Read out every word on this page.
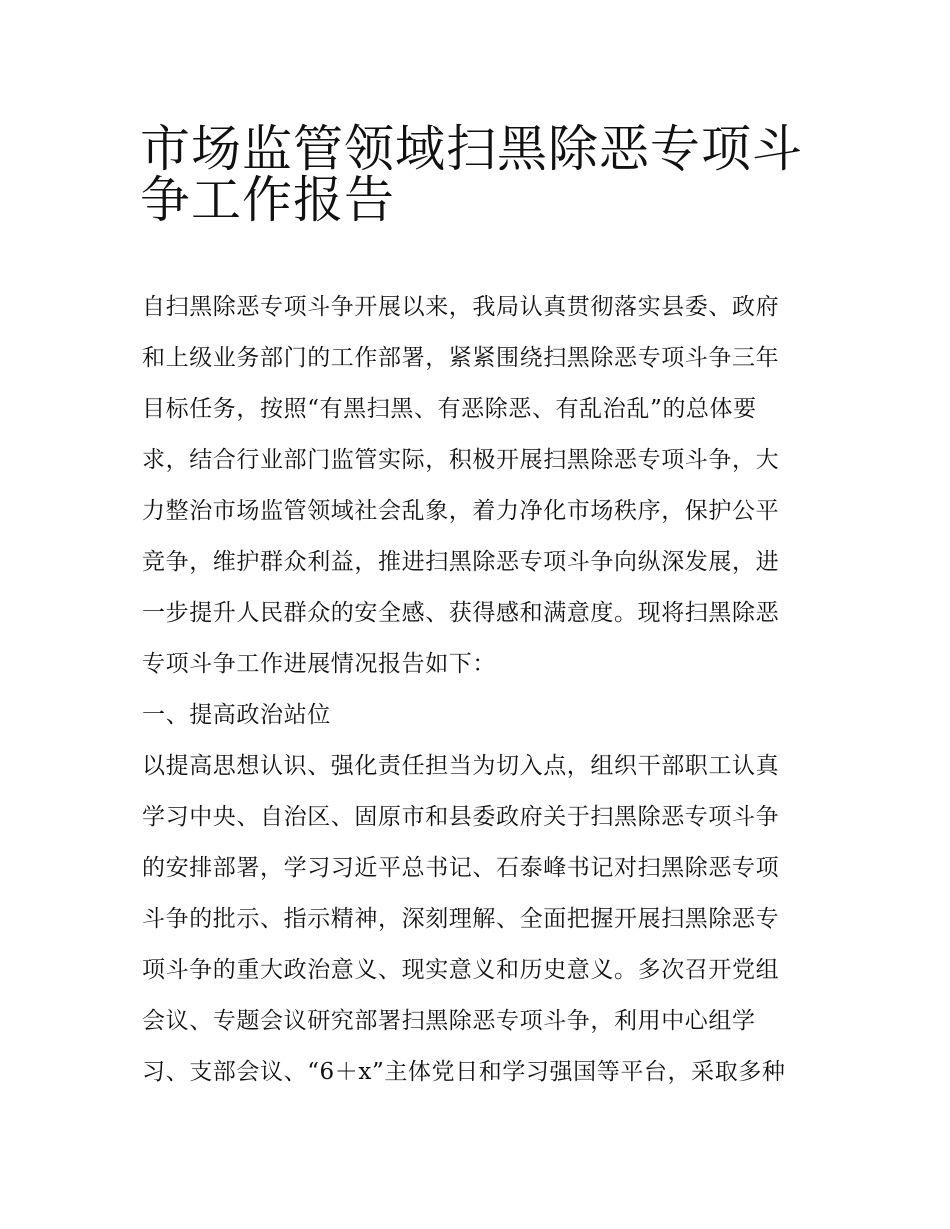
市场监管领域扫黑除恶专项斗
争工作报告
自扫黑除恶专项斗争开展以来，我局认真贯彻落实县委、政府
和上级业务部门的工作部署，紧紧围绕扫黑除恶专项斗争三年
目标任务，按照“有黑扫黑、有恶除恶、有乱治乱”的总体要
求，结合行业部门监管实际，积极开展扫黑除恶专项斗争，大
力整治市场监管领域社会乱象，着力净化市场秩序，保护公平
竞争，维护群众利益，推进扫黑除恶专项斗争向纵深发展，进
一步提升人民群众的安全感、获得感和满意度。现将扫黑除恶
专项斗争工作进展情况报告如下：
一、提高政治站位
以提高思想认识、强化责任担当为切入点，组织干部职工认真
学习中央、自治区、固原市和县委政府关于扫黑除恶专项斗争
的安排部署，学习习近平总书记、石泰峰书记对扫黑除恶专项
斗争的批示、指示精神，深刻理解、全面把握开展扫黑除恶专
项斗争的重大政治意义、现实意义和历史意义。多次召开党组
会议、专题会议研究部署扫黑除恶专项斗争，利用中心组学
习、支部会议、“6＋x”主体党日和学习强国等平台，采取多种
